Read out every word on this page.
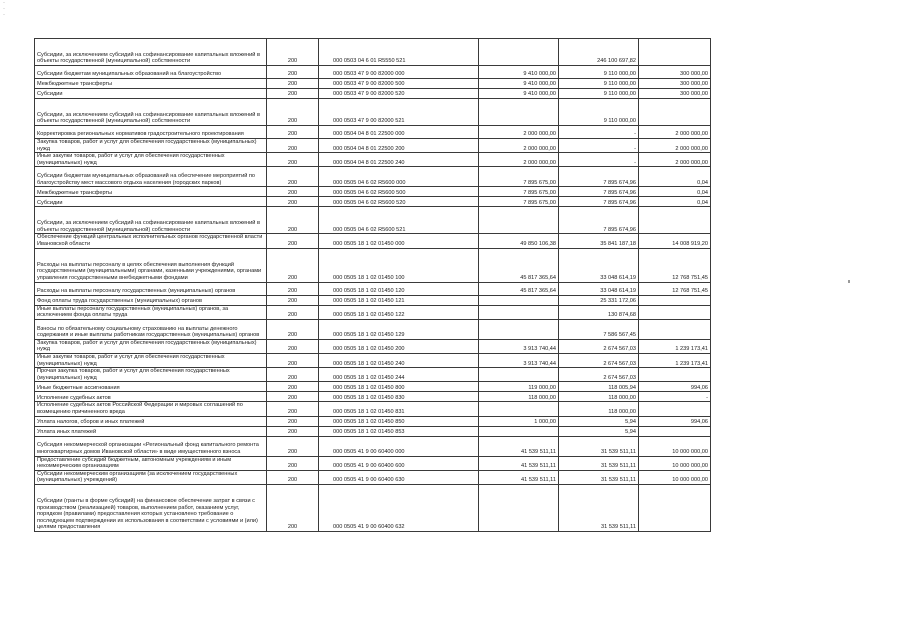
·
·
·
Субсидии, за исключением субсидий на софинансирование капитальных вложений в объекты государственной (муниципальной) собственности	200	000 0503 04 6 01 R5550 521		246 100 697,82	
Субсидии бюджетам муниципальных образований на благоустройство	200	000 0503 47 9 00 82000 000	9 410 000,00	9 110 000,00	300 000,00
Межбюджетные трансферты	200	000 0503 47 9 00 82000 500	9 410 000,00	9 110 000,00	300 000,00
Субсидии	200	000 0503 47 9 00 82000 520	9 410 000,00	9 110 000,00	300 000,00
Субсидии, за исключением субсидий на софинансирование капитальных вложений в объекты государственной (муниципальной) собственности	200	000 0503 47 9 00 82000 521		9 110 000,00	
Корректировка региональных нормативов градостроительного проектирования	200	000 0504 04 8 01 22500 000	2 000 000,00	-	2 000 000,00
Закупка товаров, работ и услуг для обеспечения государственных (муниципальных) нужд	200	000 0504 04 8 01 22500 200	2 000 000,00	-	2 000 000,00
Иные закупки товаров, работ и услуг для обеспечения государственных (муниципальных) нужд	200	000 0504 04 8 01 22500 240	2 000 000,00	-	2 000 000,00
Субсидии бюджетам муниципальных образований на обеспечение мероприятий по благоустройству мест массового отдыха населения (городских парков)	200	000 0505 04 6 02 R5600 000	7 895 675,00	7 895 674,96	0,04
Межбюджетные трансферты	200	000 0505 04 6 02 R5600 500	7 895 675,00	7 895 674,96	0,04
Субсидии	200	000 0505 04 6 02 R5600 520	7 895 675,00	7 895 674,96	0,04
Субсидии, за исключением субсидий на софинансирование капитальных вложений в объекты государственной (муниципальной) собственности	200	000 0505 04 6 02 R5600 521		7 895 674,96	
Обеспечение функций центральных исполнительных органов государственной власти Ивановской области	200	000 0505 18 1 02 01450 000	49 850 106,38	35 841 187,18	14 008 919,20
Расходы на выплаты персоналу в целях обеспечения выполнения функций государственными (муниципальными) органами, казенными учреждениями, органами управления государственными внебюджетными фондами	200	000 0505 18 1 02 01450 100	45 817 365,64	33 048 614,19	12 768 751,45
Расходы на выплаты персоналу государственных (муниципальных) органов	200	000 0505 18 1 02 01450 120	45 817 365,64	33 048 614,19	12 768 751,45
Фонд оплаты труда государственных (муниципальных) органов	200	000 0505 18 1 02 01450 121		25 331 172,06	
Иные выплаты персоналу государственных (муниципальных) органов, за исключением фонда оплаты труда	200	000 0505 18 1 02 01450 122		130 874,68	
Взносы по обязательному социальному страхованию на выплаты денежного содержания и иные выплаты работникам государственных (муниципальных) органов	200	000 0505 18 1 02 01450 129		7 586 567,45	
Закупка товаров, работ и услуг для обеспечения государственных (муниципальных) нужд	200	000 0505 18 1 02 01450 200	3 913 740,44	2 674 567,03	1 239 173,41
Иные закупки товаров, работ и услуг для обеспечения государственных (муниципальных) нужд	200	000 0505 18 1 02 01450 240	3 913 740,44	2 674 567,03	1 239 173,41
Прочая закупка товаров, работ и услуг для обеспечения государственных (муниципальных) нужд	200	000 0505 18 1 02 01450 244		2 674 567,03	
Иные бюджетные ассигнования	200	000 0505 18 1 02 01450 800	119 000,00	118 005,94	994,06
Исполнение судебных актов	200	000 0505 18 1 02 01450 830	118 000,00	118 000,00	-
Исполнение судебных актов Российской Федерации и мировых соглашений по возмещению причиненного вреда	200	000 0505 18 1 02 01450 831		118 000,00	
Уплата налогов, сборов и иных платежей	200	000 0505 18 1 02 01450 850	1 000,00	5,94	994,06
Уплата иных платежей	200	000 0505 18 1 02 01450 853		5,94	
Субсидия некоммерческой организации «Региональный фонд капитального ремонта многоквартирных домов Ивановской области» в виде имущественного взноса	200	000 0505 41 9 00 60400 000	41 539 511,11	31 539 511,11	10 000 000,00
Предоставление субсидий бюджетным, автономным учреждениям и иным некоммерческим организациям	200	000 0505 41 9 00 60400 600	41 539 511,11	31 539 511,11	10 000 000,00
Субсидии некоммерческим организациям (за исключением государственных (муниципальных) учреждений)	200	000 0505 41 9 00 60400 630	41 539 511,11	31 539 511,11	10 000 000,00
Субсидии (гранты в форме субсидий) на финансовое обеспечение затрат в связи с производством (реализацией) товаров, выполнением работ, оказанием услуг, порядком (правилами) предоставления которых установлено требование о последующем подтверждении их использования в соответствии с условиями и (или) целями предоставления	200	000 0505 41 9 00 60400 632		31 539 511,11	
